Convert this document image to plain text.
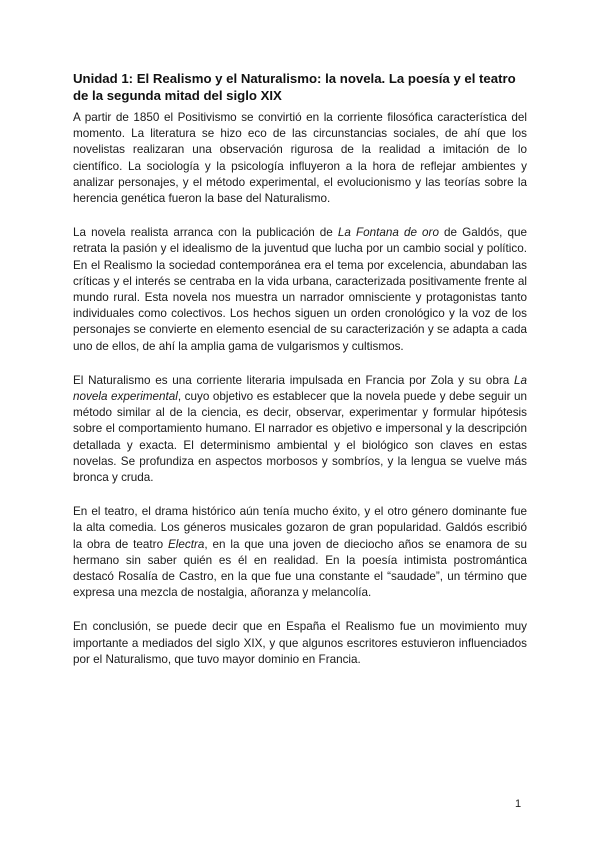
Unidad 1: El Realismo y el Naturalismo: la novela. La poesía y el teatro de la segunda mitad del siglo XIX

A partir de 1850 el Positivismo se convirtió en la corriente filosófica característica del momento. La literatura se hizo eco de las circunstancias sociales, de ahí que los novelistas realizaran una observación rigurosa de la realidad a imitación de lo científico. La sociología y la psicología influyeron a la hora de reflejar ambientes y analizar personajes, y el método experimental, el evolucionismo y las teorías sobre la herencia genética fueron la base del Naturalismo.

La novela realista arranca con la publicación de La Fontana de oro de Galdós, que retrata la pasión y el idealismo de la juventud que lucha por un cambio social y político. En el Realismo la sociedad contemporánea era el tema por excelencia, abundaban las críticas y el interés se centraba en la vida urbana, caracterizada positivamente frente al mundo rural. Esta novela nos muestra un narrador omnisciente y protagonistas tanto individuales como colectivos. Los hechos siguen un orden cronológico y la voz de los personajes se convierte en elemento esencial de su caracterización y se adapta a cada uno de ellos, de ahí la amplia gama de vulgarismos y cultismos.

El Naturalismo es una corriente literaria impulsada en Francia por Zola y su obra La novela experimental, cuyo objetivo es establecer que la novela puede y debe seguir un método similar al de la ciencia, es decir, observar, experimentar y formular hipótesis sobre el comportamiento humano. El narrador es objetivo e impersonal y la descripción detallada y exacta. El determinismo ambiental y el biológico son claves en estas novelas. Se profundiza en aspectos morbosos y sombríos, y la lengua se vuelve más bronca y cruda.

En el teatro, el drama histórico aún tenía mucho éxito, y el otro género dominante fue la alta comedia. Los géneros musicales gozaron de gran popularidad. Galdós escribió la obra de teatro Electra, en la que una joven de dieciocho años se enamora de su hermano sin saber quién es él en realidad. En la poesía intimista postromántica destacó Rosalía de Castro, en la que fue una constante el “saudade”, un término que expresa una mezcla de nostalgia, añoranza y melancolía.

En conclusión, se puede decir que en España el Realismo fue un movimiento muy importante a mediados del siglo XIX, y que algunos escritores estuvieron influenciados por el Naturalismo, que tuvo mayor dominio en Francia.

1
